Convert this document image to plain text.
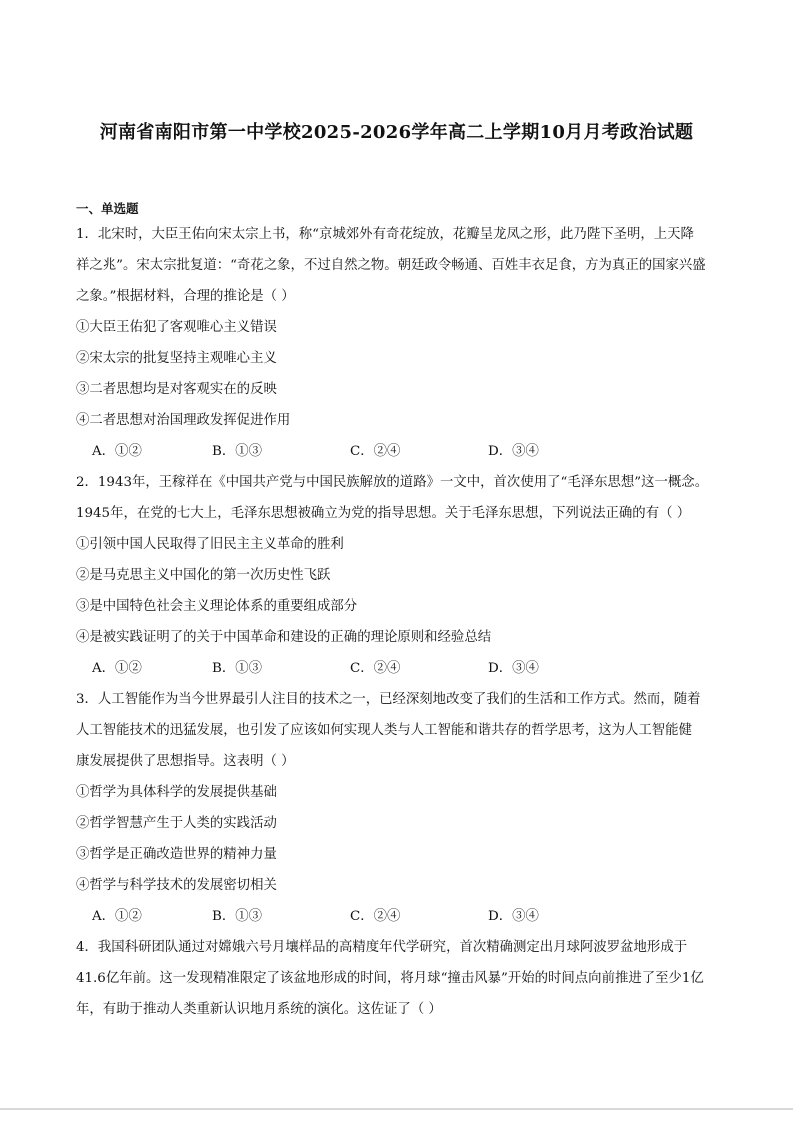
河南省南阳市第一中学校2025-2026学年高二上学期10月月考政治试题
一、单选题
1．北宋时，大臣王佑向宋太宗上书，称“京城郊外有奇花绽放，花瓣呈龙凤之形，此乃陛下圣明，上天降
祥之兆”。宋太宗批复道：“奇花之象，不过自然之物。朝廷政令畅通、百姓丰衣足食，方为真正的国家兴盛
之象。”根据材料，合理的推论是（ ）
①大臣王佑犯了客观唯心主义错误
②宋太宗的批复坚持主观唯心主义
③二者思想均是对客观实在的反映
④二者思想对治国理政发挥促进作用
A．①②	B．①③	C．②④	D．③④
2．1943年，王稼祥在《中国共产党与中国民族解放的道路》一文中，首次使用了“毛泽东思想”这一概念。
1945年，在党的七大上，毛泽东思想被确立为党的指导思想。关于毛泽东思想，下列说法正确的有（ ）
①引领中国人民取得了旧民主主义革命的胜利
②是马克思主义中国化的第一次历史性飞跃
③是中国特色社会主义理论体系的重要组成部分
④是被实践证明了的关于中国革命和建设的正确的理论原则和经验总结
A．①②	B．①③	C．②④	D．③④
3．人工智能作为当今世界最引人注目的技术之一，已经深刻地改变了我们的生活和工作方式。然而，随着
人工智能技术的迅猛发展，也引发了应该如何实现人类与人工智能和谐共存的哲学思考，这为人工智能健
康发展提供了思想指导。这表明（ ）
①哲学为具体科学的发展提供基础
②哲学智慧产生于人类的实践活动
③哲学是正确改造世界的精神力量
④哲学与科学技术的发展密切相关
A．①②	B．①③	C．②④	D．③④
4．我国科研团队通过对嫦娥六号月壤样品的高精度年代学研究，首次精确测定出月球阿波罗盆地形成于
41.6亿年前。这一发现精准限定了该盆地形成的时间，将月球“撞击风暴”开始的时间点向前推进了至少1亿
年，有助于推动人类重新认识地月系统的演化。这佐证了（ ）
